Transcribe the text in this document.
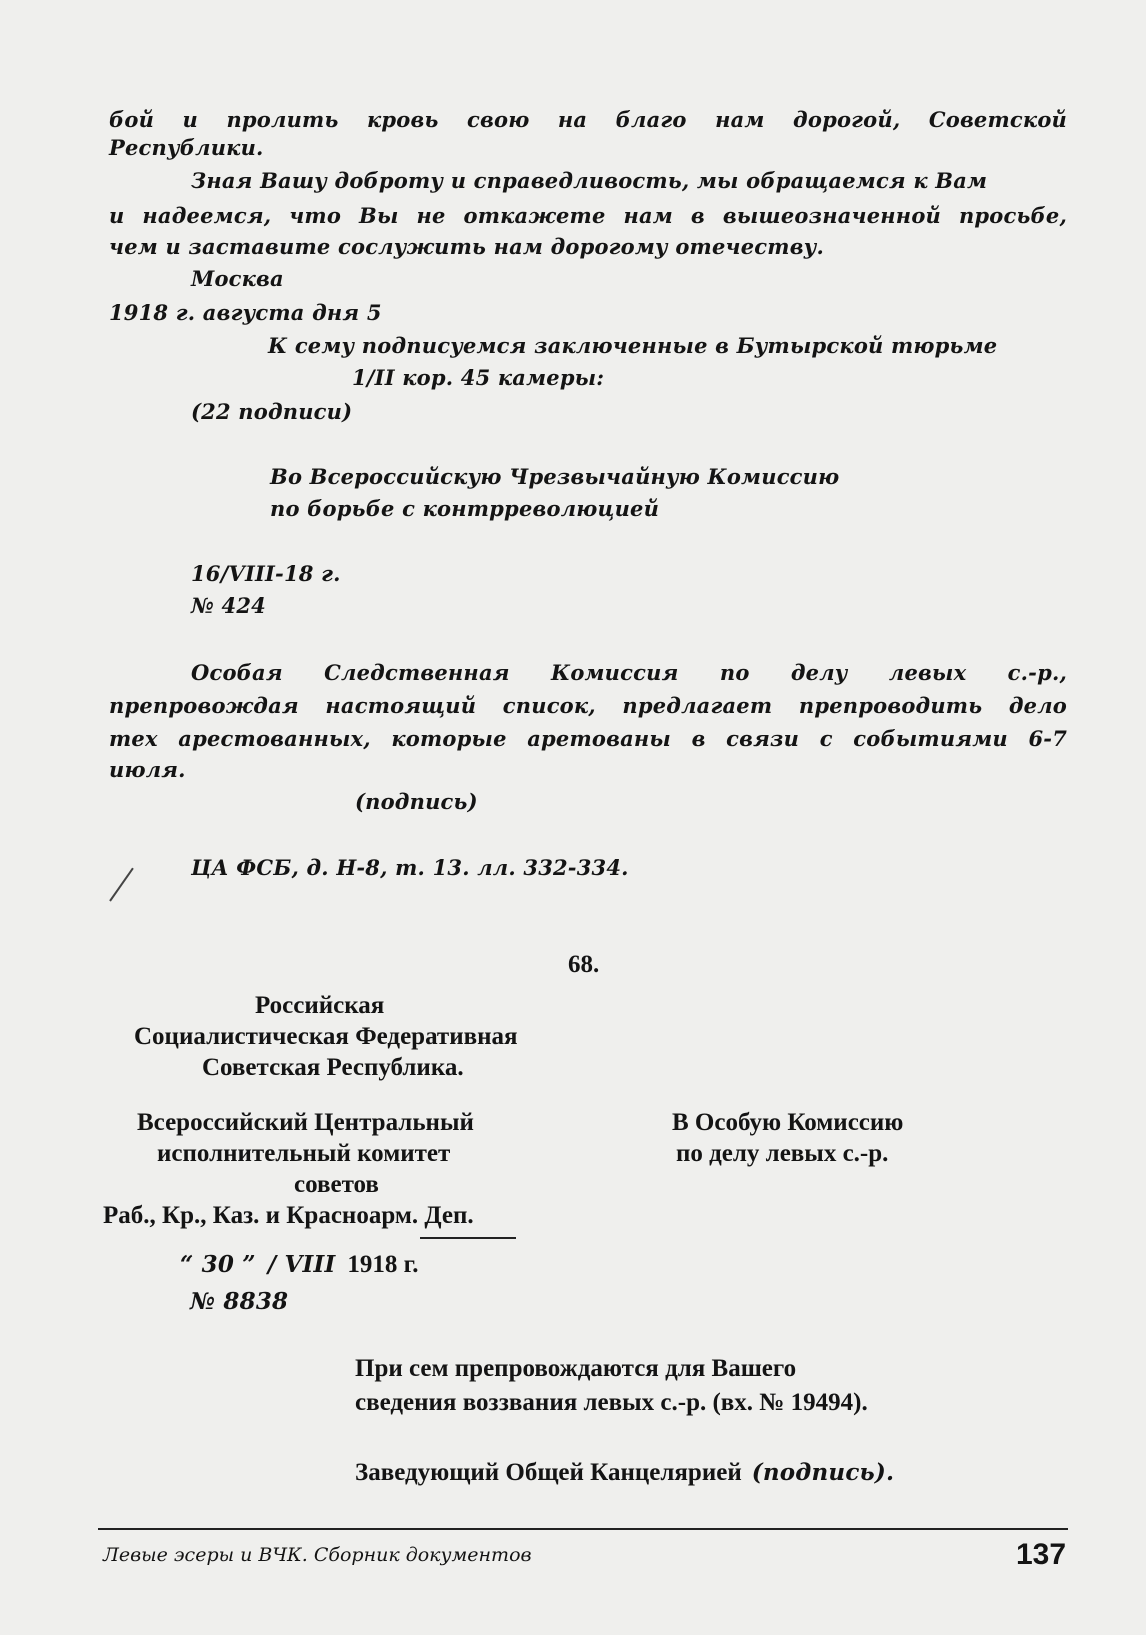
бой и пролить кровь свою на благо нам дорогой, Советской
Республики.
Зная Вашу доброту и справедливость, мы обращаемся к Вам
и надеемся, что Вы не откажете нам в вышеозначенной просьбе,
чем и заставите сослужить нам дорогому отечеству.
Москва
1918 г. августа дня 5
К сему подписуемся заключенные в Бутырской тюрьме
1/II кор. 45 камеры:
(22 подписи)
Во Всероссийскую Чрезвычайную Комиссию
по борьбе с контрреволюцией
16/VIII-18 г.
№ 424
Особая Следственная Комиссия по делу левых с.-р.,
препровождая настоящий список, предлагает препроводить дело
тех арестованных, которые аретованы в связи с событиями 6-7
июля.
(подпись)
ЦА ФСБ, д. Н-8, т. 13. лл. 332-334.
68.
Российская
Социалистическая Федеративная
Советская Республика.
Всероссийский Центральный
исполнительный комитет
советов
Раб., Кр., Каз. и Красноарм. Деп.
“ 30 ” / VIII 1918 г.
№ 8838
В Особую Комиссию
по делу левых с.-р.
При сем препровождаются для Вашего
сведения воззвания левых с.-р. (вх. № 19494).
Заведующий Общей Канцелярией (подпись).
Левые эсеры и ВЧК. Сборник документов	137
